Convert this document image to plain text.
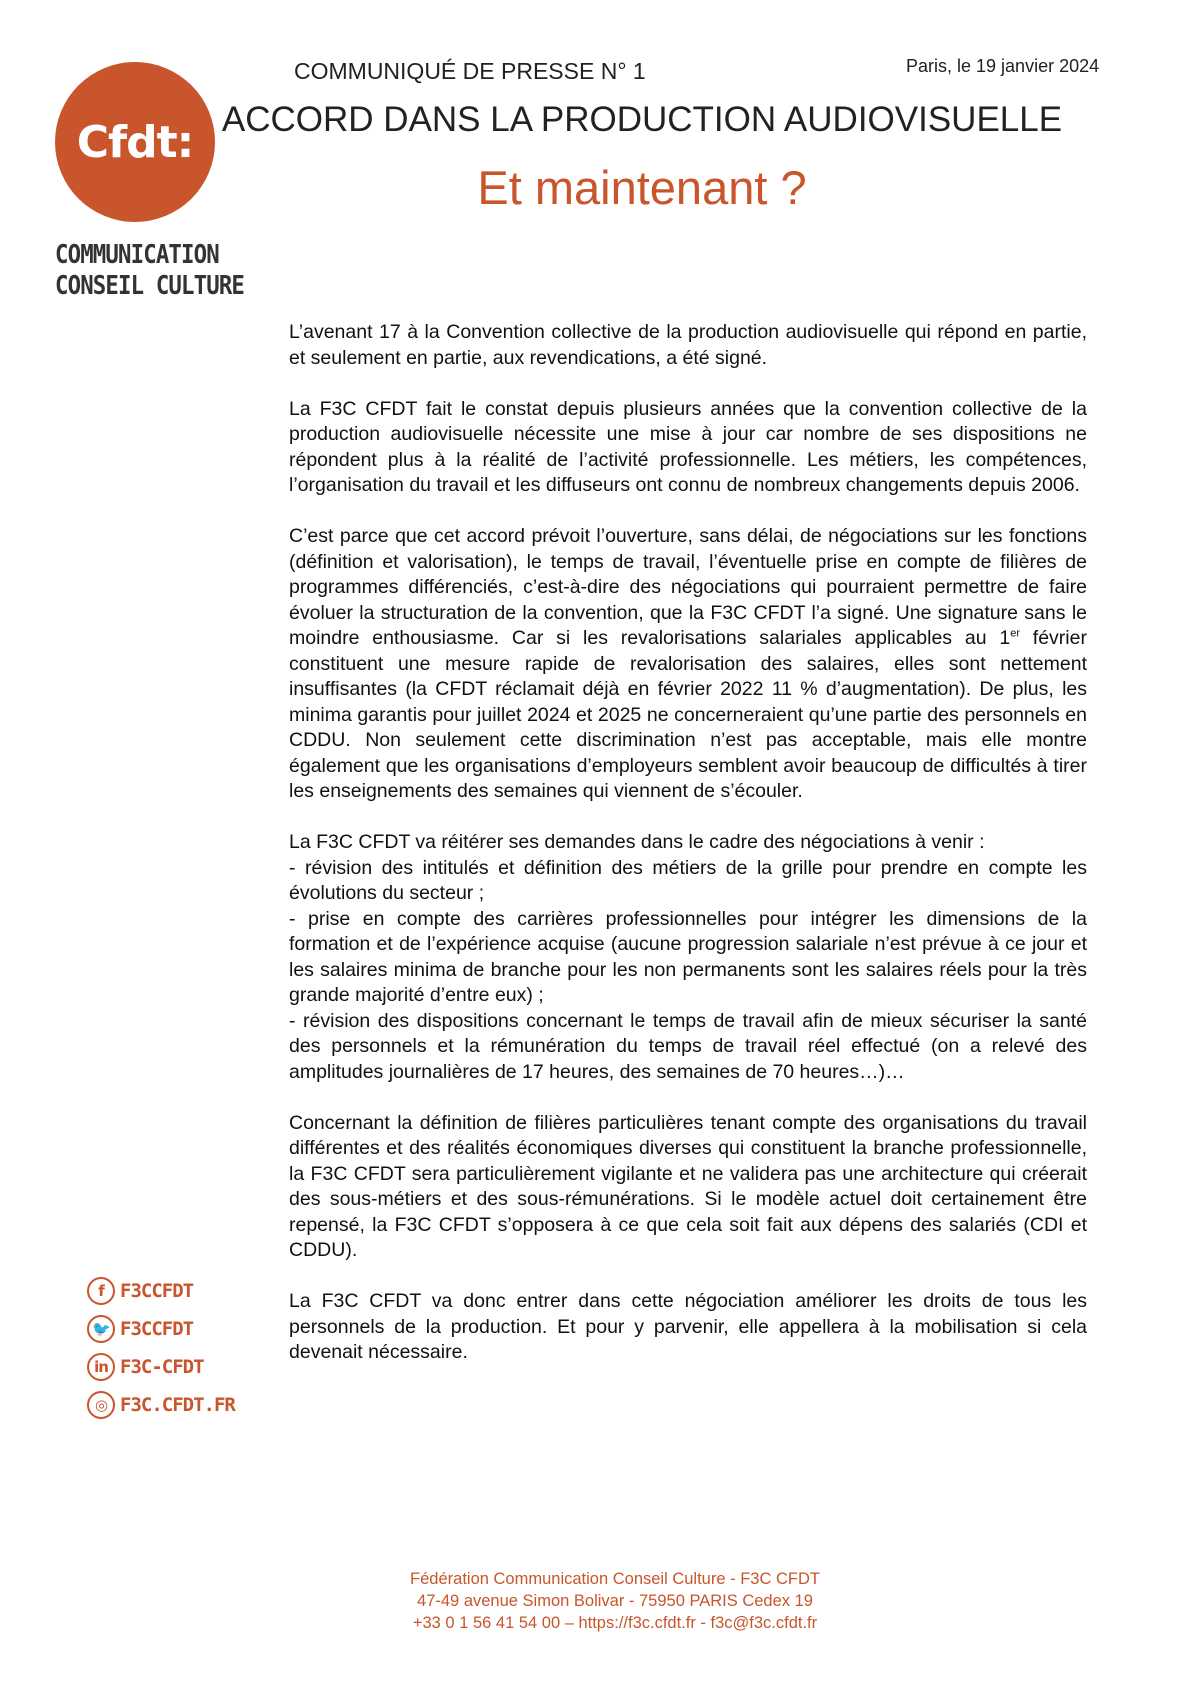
Cfdt:
COMMUNICATION
CONSEIL CULTURE
COMMUNIQUÉ DE PRESSE N° 1	Paris, le 19 janvier 2024
ACCORD DANS LA PRODUCTION AUDIOVISUELLE
Et maintenant ?

L’avenant 17 à la Convention collective de la production audiovisuelle qui répond en partie, et seulement en partie, aux revendications, a été signé.

La F3C CFDT fait le constat depuis plusieurs années que la convention collective de la production audiovisuelle nécessite une mise à jour car nombre de ses dispositions ne répondent plus à la réalité de l’activité professionnelle. Les métiers, les compétences, l’organisation du travail et les diffuseurs ont connu de nombreux changements depuis 2006.

C’est parce que cet accord prévoit l’ouverture, sans délai, de négociations sur les fonctions (définition et valorisation), le temps de travail, l’éventuelle prise en compte de filières de programmes différenciés, c’est-à-dire des négociations qui pourraient permettre de faire évoluer la structuration de la convention, que la F3C CFDT l’a signé. Une signature sans le moindre enthousiasme. Car si les revalorisations salariales applicables au 1er février constituent une mesure rapide de revalorisation des salaires, elles sont nettement insuffisantes (la CFDT réclamait déjà en février 2022 11 % d’augmentation). De plus, les minima garantis pour juillet 2024 et 2025 ne concerneraient qu’une partie des personnels en CDDU. Non seulement cette discrimination n’est pas acceptable, mais elle montre également que les organisations d’employeurs semblent avoir beaucoup de difficultés à tirer les enseignements des semaines qui viennent de s’écouler.

La F3C CFDT va réitérer ses demandes dans le cadre des négociations à venir :
- révision des intitulés et définition des métiers de la grille pour prendre en compte les évolutions du secteur ;
- prise en compte des carrières professionnelles pour intégrer les dimensions de la formation et de l’expérience acquise (aucune progression salariale n’est prévue à ce jour et les salaires minima de branche pour les non permanents sont les salaires réels pour la très grande majorité d’entre eux) ;
- révision des dispositions concernant le temps de travail afin de mieux sécuriser la santé des personnels et la rémunération du temps de travail réel effectué (on a relevé des amplitudes journalières de 17 heures, des semaines de 70 heures…)…

Concernant la définition de filières particulières tenant compte des organisations du travail différentes et des réalités économiques diverses qui constituent la branche professionnelle, la F3C CFDT sera particulièrement vigilante et ne validera pas une architecture qui créerait des sous-métiers et des sous-rémunérations. Si le modèle actuel doit certainement être repensé, la F3C CFDT s’opposera à ce que cela soit fait aux dépens des salariés (CDI et CDDU).

La F3C CFDT va donc entrer dans cette négociation améliorer les droits de tous les personnels de la production. Et pour y parvenir, elle appellera à la mobilisation si cela devenait nécessaire.

f F3CCFDT
🐦 F3CCFDT
in F3C-CFDT
◎ F3C.CFDT.FR
Fédération Communication Conseil Culture - F3C CFDT
47-49 avenue Simon Bolivar - 75950 PARIS Cedex 19
+33 0 1 56 41 54 00 – https://f3c.cfdt.fr - f3c@f3c.cfdt.fr
